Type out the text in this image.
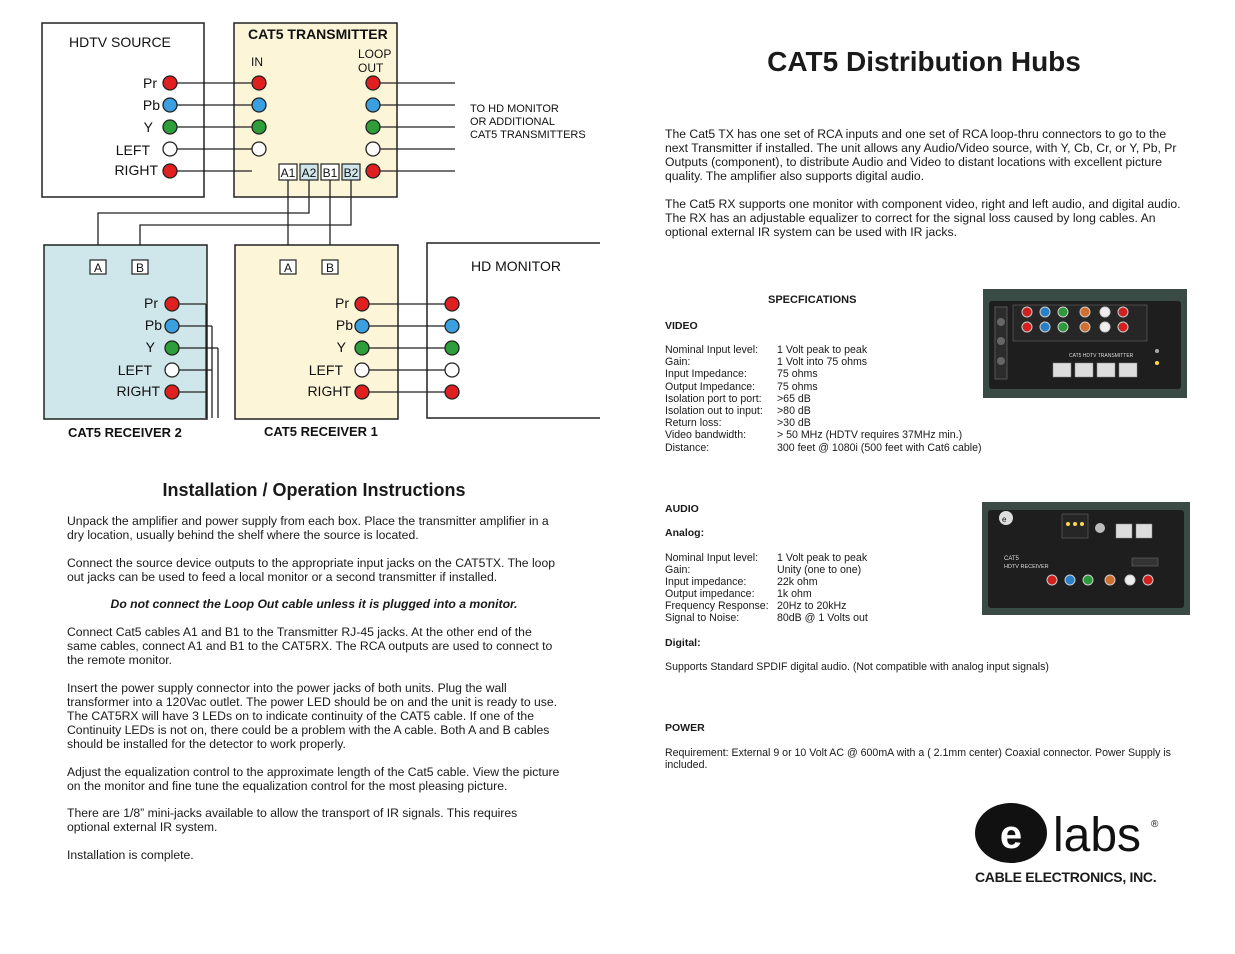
HDTV SOURCE
Pr
Pb
Y
LEFT
RIGHT
CAT5 TRANSMITTER
IN
LOOP
OUT
A1 A2 B1 B2
TO HD MONITOR
OR ADDITIONAL
CAT5 TRANSMITTERS
A	B
Pr
Pb
Y
LEFT
RIGHT
CAT5 RECEIVER 2
A	B
Pr
Pb
Y
LEFT
RIGHT
CAT5 RECEIVER 1
HD MONITOR
Installation / Operation Instructions
Unpack the amplifier and power supply from each box. Place the transmitter amplifier in a dry location, usually behind the shelf where the source is located.
Connect the source device outputs to the appropriate input jacks on the CAT5TX. The loop out jacks can be used to feed a local monitor or a second transmitter if installed.
Do not connect the Loop Out cable unless it is plugged into a monitor.
Connect Cat5 cables A1 and B1 to the Transmitter RJ-45 jacks. At the other end of the same cables, connect A1 and B1 to the CAT5RX. The RCA outputs are used to connect to the remote monitor.
Insert the power supply connector into the power jacks of both units. Plug the wall transformer into a 120Vac outlet. The power LED should be on and the unit is ready to use. The CAT5RX will have 3 LEDs on to indicate continuity of the CAT5 cable. If one of the Continuity LEDs is not on, there could be a problem with the A cable. Both A and B cables should be installed for the detector to work properly.
Adjust the equalization control to the approximate length of the Cat5 cable. View the picture on the monitor and fine tune the equalization control for the most pleasing picture.
There are 1/8” mini-jacks available to allow the transport of IR signals. This requires optional external IR system.
Installation is complete.
CAT5 Distribution Hubs
The Cat5 TX has one set of RCA inputs and one set of RCA loop-thru connectors to go to the next Transmitter if installed. The unit allows any Audio/Video source, with Y, Cb, Cr, or Y, Pb, Pr Outputs (component), to distribute Audio and Video to distant locations with excellent picture quality. The amplifier also supports digital audio.
The Cat5 RX supports one monitor with component video, right and left audio, and digital audio. The RX has an adjustable equalizer to correct for the signal loss caused by long cables. An optional external IR system can be used with IR jacks.
SPECFICATIONS
VIDEO
Nominal Input level: 1 Volt peak to peak
Gain:	1 Volt into 75 ohms
Input Impedance:	75 ohms
Output Impedance: 75 ohms
Isolation port to port: >65 dB
Isolation out to input: >80 dB
Return loss:	>30 dB
Video bandwidth:	> 50 MHz (HDTV requires 37MHz min.)
Distance:	300 feet @ 1080i (500 feet with Cat6 cable)
AUDIO
Analog:
Nominal Input level: 1 Volt peak to peak
Gain:	Unity (one to one)
Input impedance:	22k ohm
Output impedance: 1k ohm
Frequency Response: 20Hz to 20kHz
Signal to Noise:	80dB @ 1 Volts out
Digital:
Supports Standard SPDIF digital audio. (Not compatible with analog input signals)
POWER
Requirement: External 9 or 10 Volt AC @ 600mA with a ( 2.1mm center) Coaxial connector. Power Supply is included.
CAT5 HDTV TRANSMITTER
e
CAT5
HDTV RECEIVER
e labs ®
CABLE ELECTRONICS, INC.
